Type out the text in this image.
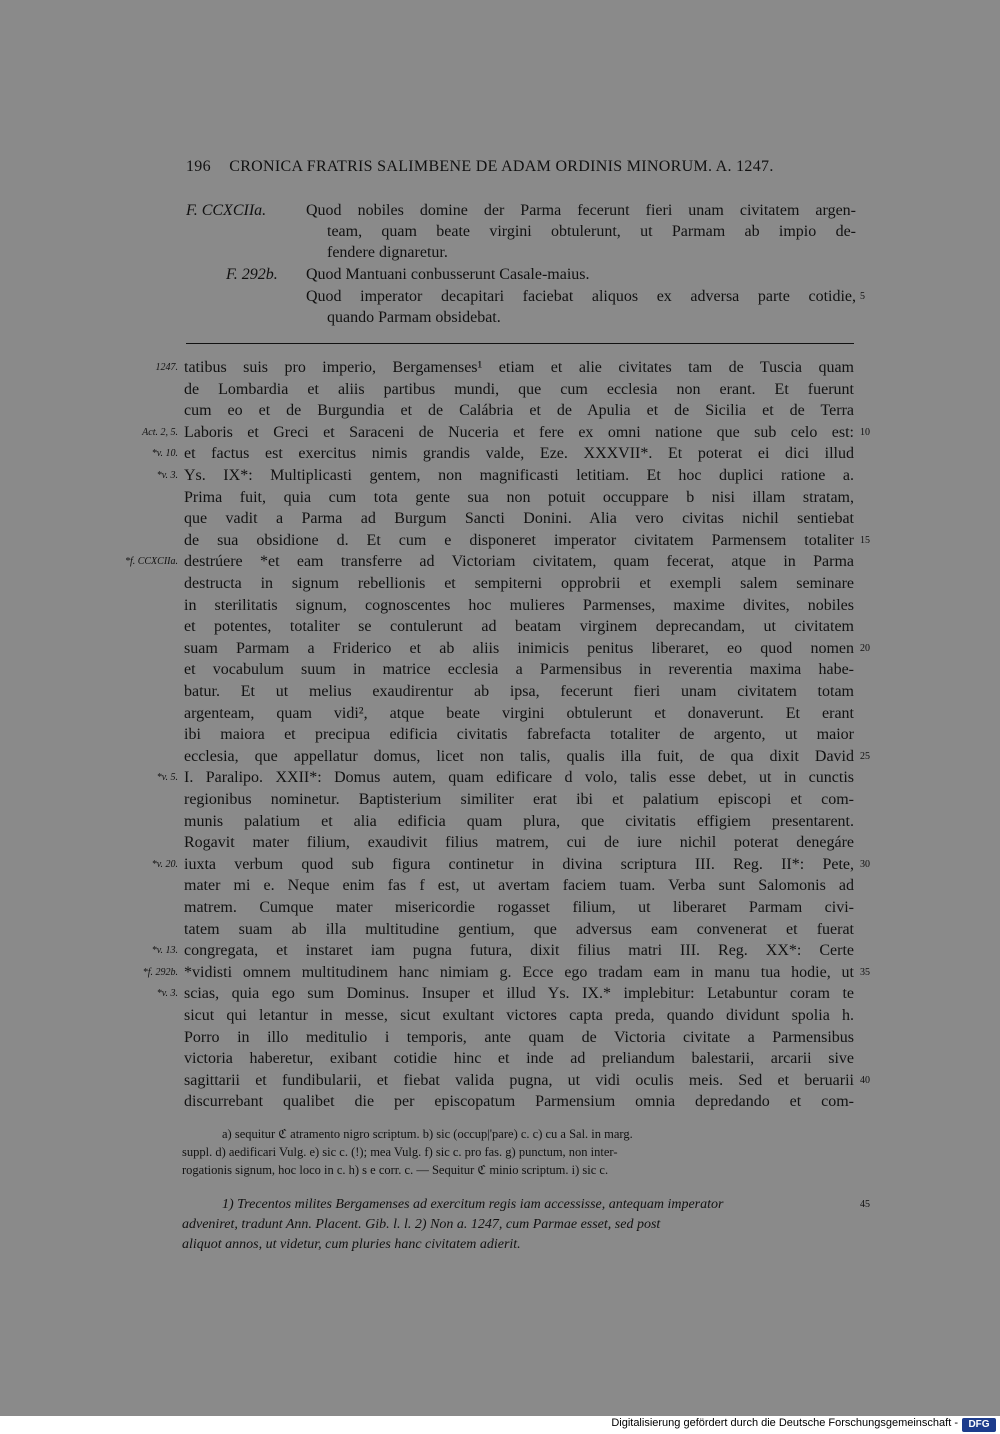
196 CRONICA FRATRIS SALIMBENE DE ADAM ORDINIS MINORUM. A. 1247.
F. CCXCIIa. Quod nobiles domine der Parma fecerunt fieri unam civitatem argen-
team, quam beate virgini obtulerunt, ut Parmam ab impio de-
fendere dignaretur.
F. 292b. Quod Mantuani conbusserunt Casale-maius.
Quod imperator decapitari faciebat aliquos ex adversa parte cotidie, 5
quando Parmam obsidebat.
1247. tatibus suis pro imperio, Bergamenses¹ etiam et alie civitates tam de Tuscia quam
de Lombardia et aliis partibus mundi, que cum ecclesia non erant. Et fuerunt
cum eo et de Burgundia et de Calábria et de Apulia et de Sicilia et de Terra
Act. 2, 5. Laboris et Greci et Saraceni de Nuceria et fere ex omni natione que sub celo est: 10
*v. 10. et factus est exercitus nimis grandis valde, Eze. XXXVII*. Et poterat ei dici illud
*v. 3. Ys. IX*: Multiplicasti gentem, non magnificasti letitiam. Et hoc duplici ratione a.
Prima fuit, quia cum tota gente sua non potuit occuppare b nisi illam stratam,
que vadit a Parma ad Burgum Sancti Donini. Alia vero civitas nichil sentiebat
de sua obsidione d. Et cum e disponeret imperator civitatem Parmensem totaliter 15
*f. CCXCIIa. destrúere *et eam transferre ad Victoriam civitatem, quam fecerat, atque in Parma
destructa in signum rebellionis et sempiterni opprobrii et exempli salem seminare
in sterilitatis signum, cognoscentes hoc mulieres Parmenses, maxime divites, nobiles
et potentes, totaliter se contulerunt ad beatam virginem deprecandam, ut civitatem
suam Parmam a Friderico et ab aliis inimicis penitus liberaret, eo quod nomen 20
et vocabulum suum in matrice ecclesia a Parmensibus in reverentia maxima habe-
batur. Et ut melius exaudirentur ab ipsa, fecerunt fieri unam civitatem totam
argenteam, quam vidi², atque beate virgini obtulerunt et donaverunt. Et erant
ibi maiora et precipua edificia civitatis fabrefacta totaliter de argento, ut maior
ecclesia, que appellatur domus, licet non talis, qualis illa fuit, de qua dixit David 25
*v. 5. I. Paralipo. XXII*: Domus autem, quam edificare d volo, talis esse debet, ut in cunctis
regionibus nominetur. Baptisterium similiter erat ibi et palatium episcopi et com-
munis palatium et alia edificia quam plura, que civitatis effigiem presentarent.
Rogavit mater filium, exaudivit filius matrem, cui de iure nichil poterat denegáre
*v. 20. iuxta verbum quod sub figura continetur in divina scriptura III. Reg. II*: Pete, 30
mater mi e. Neque enim fas f est, ut avertam faciem tuam. Verba sunt Salomonis ad
matrem. Cumque mater misericordie rogasset filium, ut liberaret Parmam civi-
tatem suam ab illa multitudine gentium, que adversus eam convenerat et fuerat
*v. 13. congregata, et instaret iam pugna futura, dixit filius matri III. Reg. XX*: Certe
*f. 292b. *vidisti omnem multitudinem hanc nimiam g. Ecce ego tradam eam in manu tua hodie, ut 35
*v. 3. scias, quia ego sum Dominus. Insuper et illud Ys. IX.* implebitur: Letabuntur coram te
sicut qui letantur in messe, sicut exultant victores capta preda, quando dividunt spolia h.
Porro in illo meditulio i temporis, ante quam de Victoria civitate a Parmensibus
victoria haberetur, exibant cotidie hinc et inde ad preliandum balestarii, arcarii sive
sagittarii et fundibularii, et fiebat valida pugna, ut vidi oculis meis. Sed et beruarii 40
discurrebant qualibet die per episcopatum Parmensium omnia depredando et com-
a) sequitur ℭ atramento nigro scriptum. b) sic (occup|'pare) c. c) cu a Sal. in marg.
suppl. d) aedificari Vulg. e) sic c. (!); mea Vulg. f) sic c. pro fas. g) punctum, non inter-
rogationis signum, hoc loco in c. h) s e corr. c. — Sequitur ℭ minio scriptum. i) sic c.
1) Trecentos milites Bergamenses ad exercitum regis iam accessisse, antequam imperator	45
adveniret, tradunt Ann. Placent. Gib. l. l. 2) Non a. 1247, cum Parmae esset, sed post
aliquot annos, ut videtur, cum pluries hanc civitatem adierit.
Digitalisierung gefördert durch die Deutsche Forschungsgemeinschaft -	DFG
